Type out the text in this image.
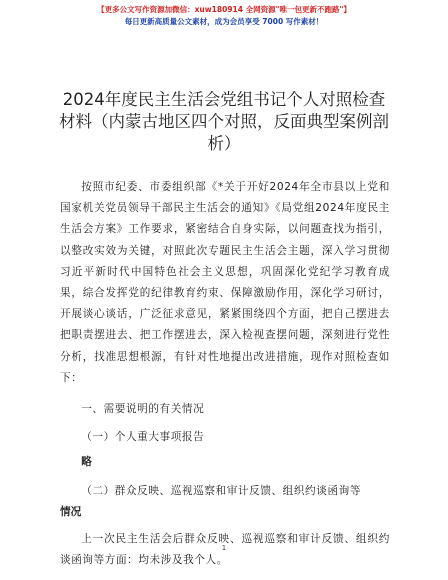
【更多公文写作资源加微信：xuw180914 全网资源"唯一包更新不跑路"】
每日更新高质量公文素材，成为会员享受 7000 写作素材！
2024年度民主生活会党组书记个人对照检查材料（内蒙古地区四个对照，反面典型案例剖析）

按照市纪委、市委组织部《*关于开好2024年全市县以上党和国家机关党员领导干部民主生活会的通知》《局党组2024年度民主生活会方案》工作要求，紧密结合自身实际，以问题查找为指引，以整改实效为关键，对照此次专题民主生活会主题，深入学习贯彻习近平新时代中国特色社会主义思想，巩固深化党纪学习教育成果，综合发挥党的纪律教育约束、保障激励作用，深化学习研讨，开展谈心谈话，广泛征求意见，紧紧围绕四个方面，把自己摆进去把职责摆进去、把工作摆进去，深入检视查摆问题，深刻进行党性分析，找准思想根源，有针对性地提出改进措施，现作对照检查如下：

一、需要说明的有关情况

（一）个人重大事项报告

略

（二）群众反映、巡视巡察和审计反馈、组织约谈函询等

情况

上一次民主生活会后群众反映、巡视巡察和审计反馈、组织约谈函询等方面：均未涉及我个人。

1
